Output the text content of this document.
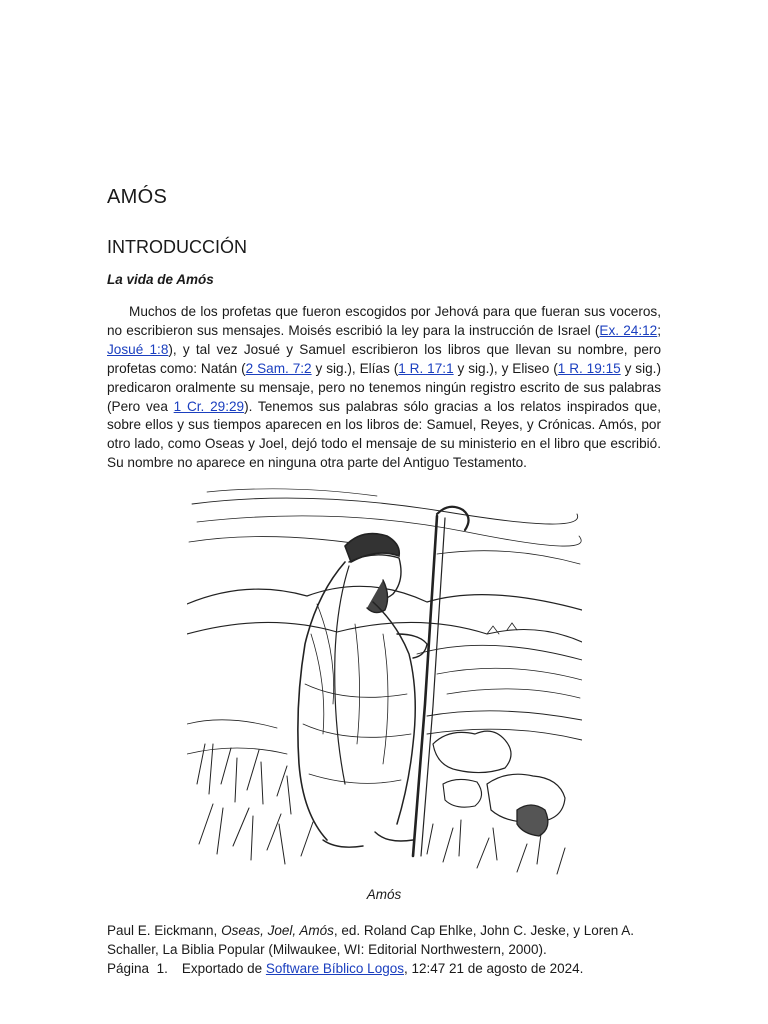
AMÓS
INTRODUCCIÓN
La vida de Amós

Muchos de los profetas que fueron escogidos por Jehová para que fueran sus voceros, no escribieron sus mensajes. Moisés escribió la ley para la instrucción de Israel (Ex. 24:12; Josué 1:8), y tal vez Josué y Samuel escribieron los libros que llevan su nombre, pero profetas como: Natán (2 Sam. 7:2 y sig.), Elías (1 R. 17:1 y sig.), y Eliseo (1 R. 19:15 y sig.) predicaron oralmente su mensaje, pero no tenemos ningún registro escrito de sus palabras (Pero vea 1 Cr. 29:29). Tenemos sus palabras sólo gracias a los relatos inspirados que, sobre ellos y sus tiempos aparecen en los libros de: Samuel, Reyes, y Crónicas. Amós, por otro lado, como Oseas y Joel, dejó todo el mensaje de su ministerio en el libro que escribió. Su nombre no aparece en ninguna otra parte del Antiguo Testamento.

Amós
Paul E. Eickmann, Oseas, Joel, Amós, ed. Roland Cap Ehlke, John C. Jeske, y Loren A. Schaller, La Biblia Popular (Milwaukee, WI: Editorial Northwestern, 2000).
Página 1. Exportado de Software Bíblico Logos, 12:47 21 de agosto de 2024.
